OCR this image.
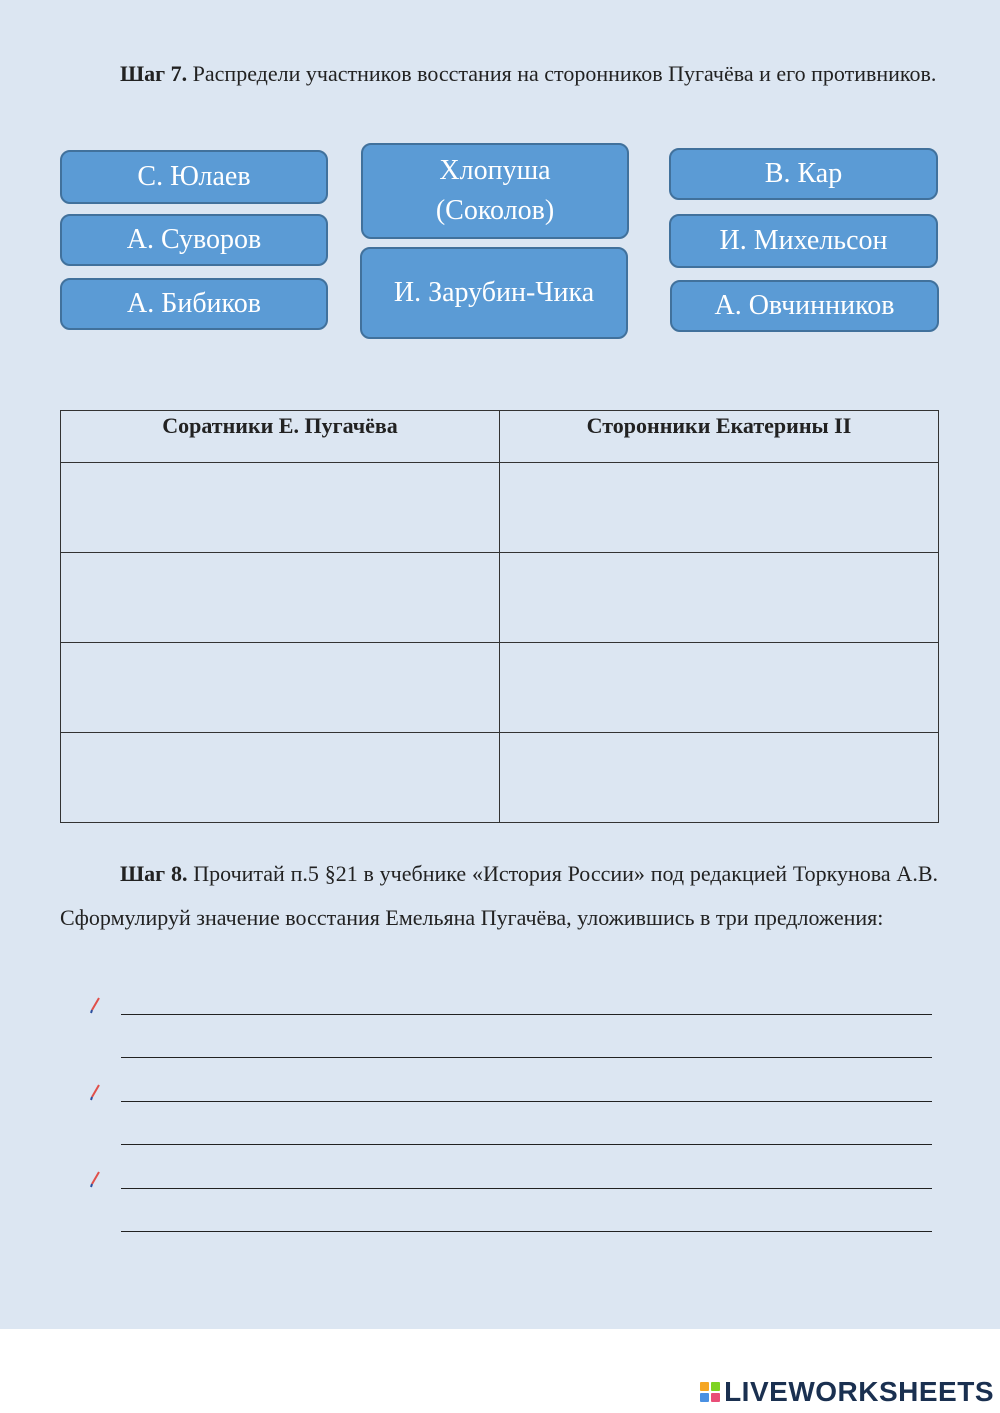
Шаг 7. Распредели участников восстания на сторонников Пугачёва и его противников.

С. Юлаев
А. Суворов
А. Бибиков
Хлопуша (Соколов)
И. Зарубин-Чика
В. Кар
И. Михельсон
А. Овчинников
Соратники Е. Пугачёва	Сторонники Екатерины II

Шаг 8. Прочитай п.5 §21 в учебнике «История России» под редакцией Торкунова А.В. Сформулируй значение восстания Емельяна Пугачёва, уложившись в три предложения:

LIVEWORKSHEETS
